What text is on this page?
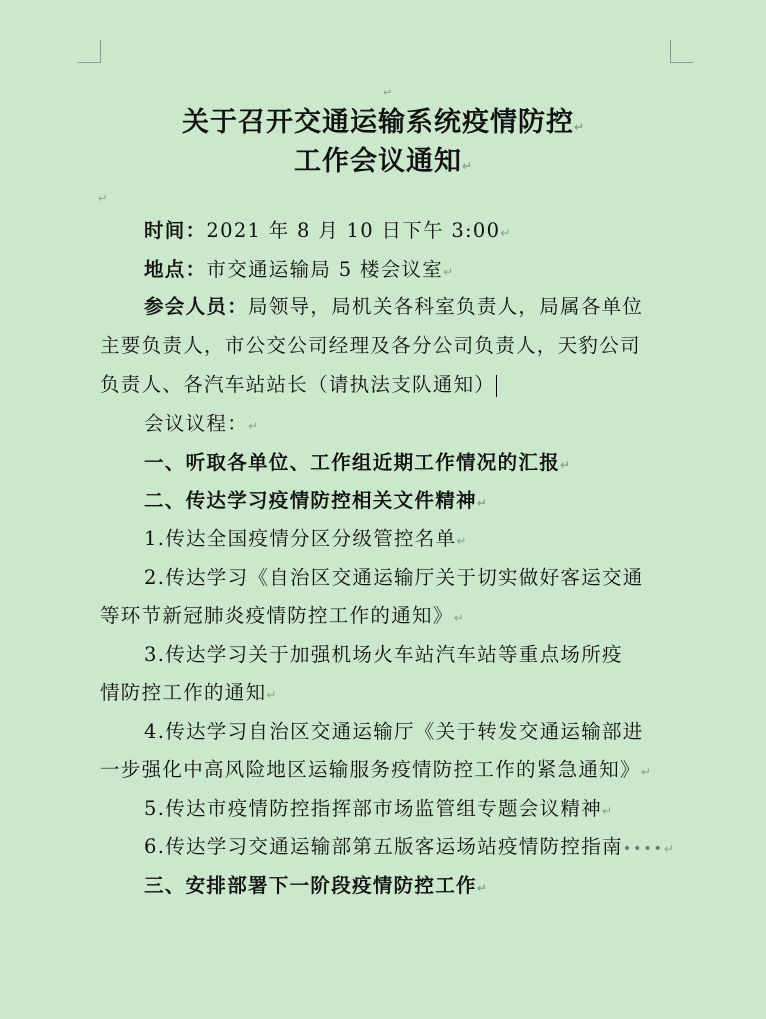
↵
关于召开交通运输系统疫情防控↵
工作会议通知↵
↵
时间：2021 年 8 月 10 日下午 3:00↵
地点：市交通运输局 5 楼会议室↵
参会人员：局领导，局机关各科室负责人，局属各单位
主要负责人，市公交公司经理及各分公司负责人，天豹公司
负责人、各汽车站站长（请执法支队通知）
会议议程：↵
一、听取各单位、工作组近期工作情况的汇报↵
二、传达学习疫情防控相关文件精神↵
1.传达全国疫情分区分级管控名单↵
2.传达学习《自治区交通运输厅关于切实做好客运交通
等环节新冠肺炎疫情防控工作的通知》↵
3.传达学习关于加强机场火车站汽车站等重点场所疫
情防控工作的通知↵
4.传达学习自治区交通运输厅《关于转发交通运输部进
一步强化中高风险地区运输服务疫情防控工作的紧急通知》↵
5.传达市疫情防控指挥部市场监管组专题会议精神↵
6.传达学习交通运输部第五版客运场站疫情防控指南••••↵
三、安排部署下一阶段疫情防控工作↵
